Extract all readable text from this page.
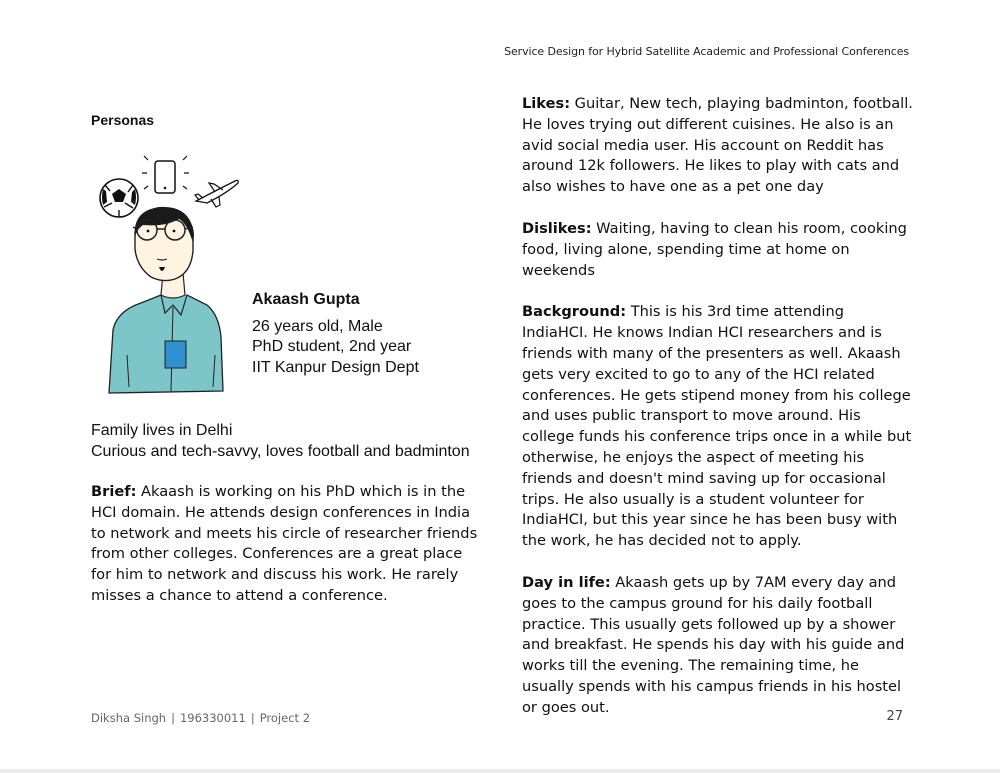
Service Design for Hybrid Satellite Academic and Professional Conferences
Personas
Akaash Gupta
26 years old, Male
PhD student, 2nd year
IIT Kanpur Design Dept
Family lives in Delhi
Curious and tech-savvy, loves football and badminton
Brief: Akaash is working on his PhD which is in the HCI domain. He attends design conferences in India to network and meets his circle of researcher friends from other colleges. Conferences are a great place for him to network and discuss his work. He rarely misses a chance to attend a conference.
Likes: Guitar, New tech, playing badminton, football. He loves trying out different cuisines. He also is an avid social media user. His account on Reddit has around 12k followers. He likes to play with cats and also wishes to have one as a pet one day
Dislikes: Waiting, having to clean his room, cooking food, living alone, spending time at home on weekends
Background: This is his 3rd time attending IndiaHCI. He knows Indian HCI researchers and is friends with many of the presenters as well. Akaash gets very excited to go to any of the HCI related conferences. He gets stipend money from his college and uses public transport to move around. His college funds his conference trips once in a while but otherwise, he enjoys the aspect of meeting his friends and doesn't mind saving up for occasional trips. He also usually is a student volunteer for IndiaHCI, but this year since he has been busy with the work, he has decided not to apply.
Day in life: Akaash gets up by 7AM every day and goes to the campus ground for his daily football practice. This usually gets followed up by a shower and breakfast. He spends his day with his guide and works till the evening. The remaining time, he usually spends with his campus friends in his hostel or goes out.
Diksha Singh | 196330011 | Project 2	27
